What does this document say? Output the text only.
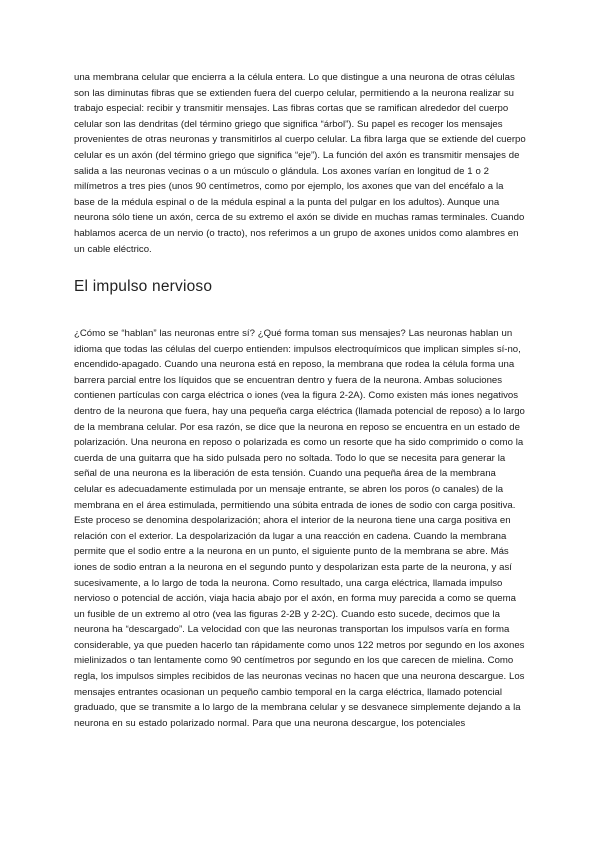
una membrana celular que encierra a la célula entera. Lo que distingue a una neurona de otras células son las diminutas fibras que se extienden fuera del cuerpo celular, permitiendo a la neurona realizar su trabajo especial: recibir y transmitir mensajes. Las fibras cortas que se ramifican alrededor del cuerpo celular son las dendritas (del término griego que significa “árbol”). Su papel es recoger los mensajes provenientes de otras neuronas y transmitirlos al cuerpo celular. La fibra larga que se extiende del cuerpo celular es un axón (del término griego que significa “eje”). La función del axón es transmitir mensajes de salida a las neuronas vecinas o a un músculo o glándula. Los axones varían en longitud de 1 o 2 milímetros a tres pies (unos 90 centímetros, como por ejemplo, los axones que van del encéfalo a la base de la médula espinal o de la médula espinal a la punta del pulgar en los adultos). Aunque una neurona sólo tiene un axón, cerca de su extremo el axón se divide en muchas ramas terminales. Cuando hablamos acerca de un nervio (o tracto), nos referimos a un grupo de axones unidos como alambres en un cable eléctrico.

El impulso nervioso

¿Cómo se “hablan” las neuronas entre sí? ¿Qué forma toman sus mensajes? Las neuronas hablan un idioma que todas las células del cuerpo entienden: impulsos electroquímicos que implican simples sí-no, encendido-apagado. Cuando una neurona está en reposo, la membrana que rodea la célula forma una barrera parcial entre los líquidos que se encuentran dentro y fuera de la neurona. Ambas soluciones contienen partículas con carga eléctrica o iones (vea la figura 2-2A). Como existen más iones negativos dentro de la neurona que fuera, hay una pequeña carga eléctrica (llamada potencial de reposo) a lo largo de la membrana celular. Por esa razón, se dice que la neurona en reposo se encuentra en un estado de polarización. Una neurona en reposo o polarizada es como un resorte que ha sido comprimido o como la cuerda de una guitarra que ha sido pulsada pero no soltada. Todo lo que se necesita para generar la señal de una neurona es la liberación de esta tensión. Cuando una pequeña área de la membrana celular es adecuadamente estimulada por un mensaje entrante, se abren los poros (o canales) de la membrana en el área estimulada, permitiendo una súbita entrada de iones de sodio con carga positiva. Este proceso se denomina despolarización; ahora el interior de la neurona tiene una carga positiva en relación con el exterior. La despolarización da lugar a una reacción en cadena. Cuando la membrana permite que el sodio entre a la neurona en un punto, el siguiente punto de la membrana se abre. Más iones de sodio entran a la neurona en el segundo punto y despolarizan esta parte de la neurona, y así sucesivamente, a lo largo de toda la neurona. Como resultado, una carga eléctrica, llamada impulso nervioso o potencial de acción, viaja hacia abajo por el axón, en forma muy parecida a como se quema un fusible de un extremo al otro (vea las figuras 2-2B y 2-2C). Cuando esto sucede, decimos que la neurona ha “descargado”. La velocidad con que las neuronas transportan los impulsos varía en forma considerable, ya que pueden hacerlo tan rápidamente como unos 122 metros por segundo en los axones mielinizados o tan lentamente como 90 centímetros por segundo en los que carecen de mielina. Como regla, los impulsos simples recibidos de las neuronas vecinas no hacen que una neurona descargue. Los mensajes entrantes ocasionan un pequeño cambio temporal en la carga eléctrica, llamado potencial graduado, que se transmite a lo largo de la membrana celular y se desvanece simplemente dejando a la neurona en su estado polarizado normal. Para que una neurona descargue, los potenciales
